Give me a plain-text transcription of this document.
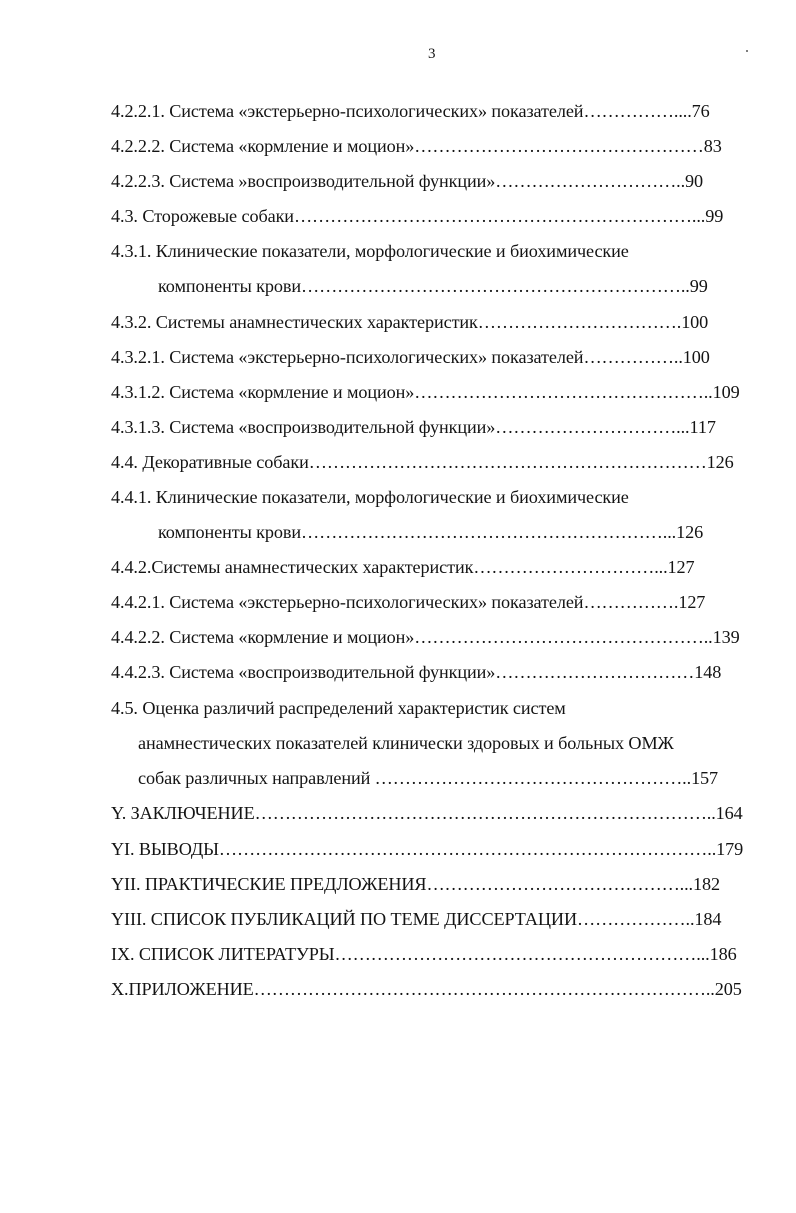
3
4.2.2.1. Система «экстерьерно-психологических» показателей……………....76
4.2.2.2. Система «кормление и моцион»…………………………………………83
4.2.2.3. Система »воспроизводительной функции»…………………………..90
4.3. Сторожевые собаки…………………………………………………………...99
4.3.1. Клинические показатели, морфологические и биохимические
компоненты крови………………………………………………………..99
4.3.2. Системы анамнестических характеристик…………………………….100
4.3.2.1. Система «экстерьерно-психологических» показателей……………..100
4.3.1.2. Система «кормление и моцион»…………………………………………..109
4.3.1.3. Система «воспроизводительной функции»…………………………...117
4.4. Декоративные собаки…………………………………………………………126
4.4.1. Клинические показатели, морфологические и биохимические
компоненты крови……………………………………………………...126
4.4.2.Системы анамнестических характеристик…………………………...127
4.4.2.1. Система «экстерьерно-психологических» показателей…………….127
4.4.2.2. Система «кормление и моцион»…………………………………………..139
4.4.2.3. Система «воспроизводительной функции»……………………………148
4.5. Оценка различий распределений характеристик систем
анамнестических показателей клинически здоровых и больных ОМЖ
собак различных направлений ……………………………………………..157
Y. ЗАКЛЮЧЕНИЕ…………………………………………………………………..164
YI. ВЫВОДЫ………………………………………………………………………..179
YII. ПРАКТИЧЕСКИЕ ПРЕДЛОЖЕНИЯ……………………………………...182
YIII. СПИСОК ПУБЛИКАЦИЙ ПО ТЕМЕ ДИССЕРТАЦИИ………………..184
IX. СПИСОК ЛИТЕРАТУРЫ……………………………………………………...186
X.ПРИЛОЖЕНИЕ…………………………………………………………………..205
